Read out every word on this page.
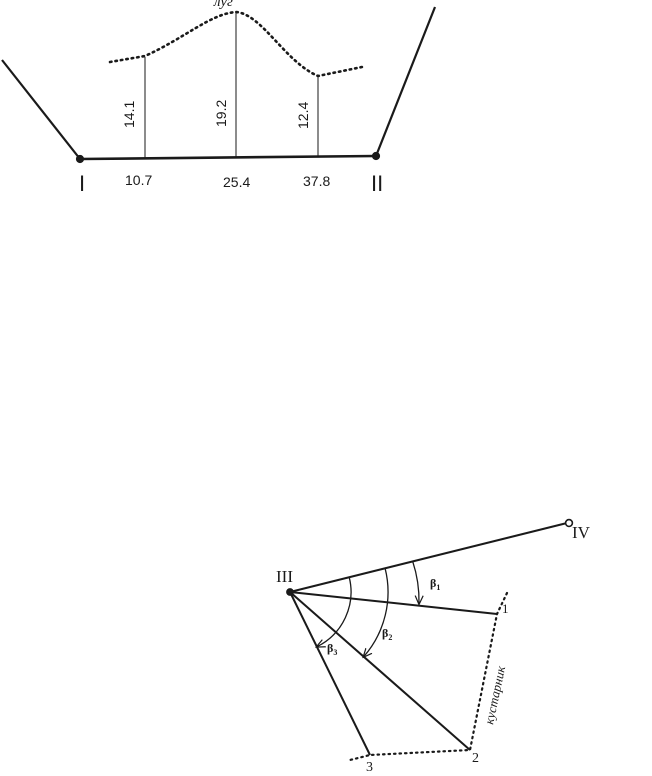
луг
14.1	19.2	12.4
10.7	25.4	37.8
I	II
III
IV
1
2
3
$\beta_1$
$\beta_2$
$\beta_3$
кустарник
